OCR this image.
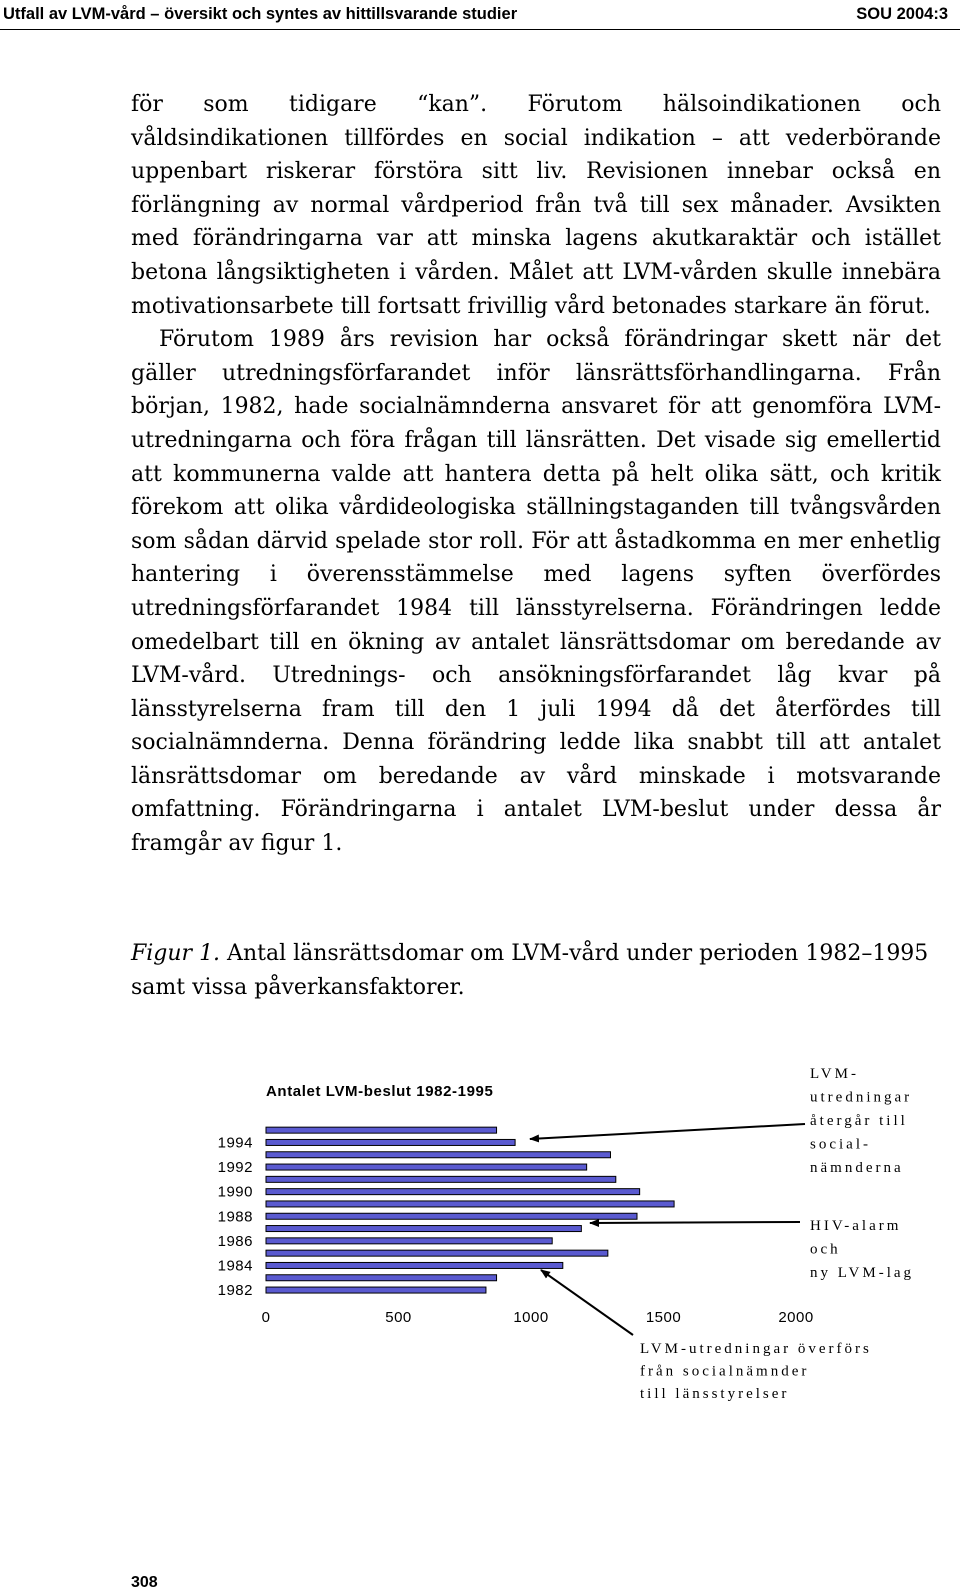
Utfall av LVM-vård – översikt och syntes av hittillsvarande studier	SOU 2004:3

för som tidigare “kan”. Förutom hälsoindikationen och våldsindikationen tillfördes en social indikation – att vederbörande uppenbart riskerar förstöra sitt liv. Revisionen innebar också en förlängning av normal vårdperiod från två till sex månader. Avsikten med förändringarna var att minska lagens akutkaraktär och istället betona långsiktigheten i vården. Målet att LVM-vården skulle innebära motivationsarbete till fortsatt frivillig vård betonades starkare än förut.

Förutom 1989 års revision har också förändringar skett när det gäller utredningsförfarandet inför länsrättsförhandlingarna. Från början, 1982, hade socialnämnderna ansvaret för att genomföra LVM-utredningarna och föra frågan till länsrätten. Det visade sig emellertid att kommunerna valde att hantera detta på helt olika sätt, och kritik förekom att olika vårdideologiska ställningstaganden till tvångsvården som sådan därvid spelade stor roll. För att åstadkomma en mer enhetlig hantering i överensstämmelse med lagens syften överfördes utredningsförfarandet 1984 till länsstyrelserna. Förändringen ledde omedelbart till en ökning av antalet länsrättsdomar om beredande av LVM-vård. Utrednings- och ansökningsförfarandet låg kvar på länsstyrelserna fram till den 1 juli 1994 då det återfördes till socialnämnderna. Denna förändring ledde lika snabbt till att antalet länsrättsdomar om beredande av vård minskade i motsvarande omfattning. Förändringarna i antalet LVM-beslut under dessa år framgår av figur 1.

Figur 1. Antal länsrättsdomar om LVM-vård under perioden 1982–1995 samt vissa påverkansfaktorer.
Antalet LVM-beslut 1982-1995
1982
1984
1986
1988
1990
1992
1994
0	500	1000	1500	2000
LVM-utredningar återgår till social-nämnderna
HIV-alarm och ny LVM-lag
LVM-utredningar överförs från socialnämnder till länsstyrelser
308
